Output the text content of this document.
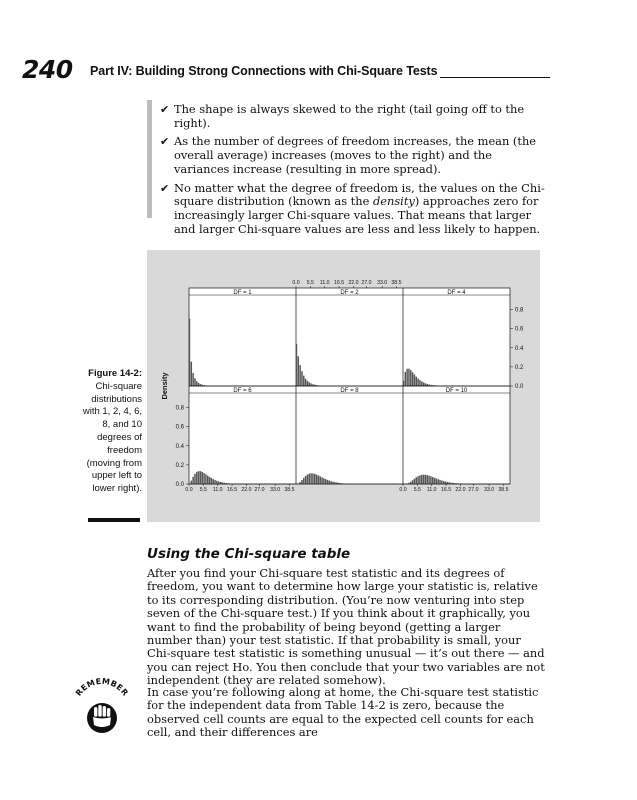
240 Part IV: Building Strong Connections with Chi-Square Tests
✔ The shape is always skewed to the right (tail going off to the right).
✔ As the number of degrees of freedom increases, the mean (the overall average) increases (moves to the right) and the variances increase (resulting in more spread).
✔ No matter what the degree of freedom is, the values on the Chi-square distribution (known as the density) approaches zero for increasingly larger Chi-square values. That means that larger and larger Chi-square values are less and less likely to happen.
DF = 1	DF = 2	DF = 4
DF = 6	DF = 8	DF = 10
0.0 5.5 11.0 16.5 22.0 27.0 33.0 38.5
0.0 5.5 11.0 16.5 22.0 27.0 33.0 38.5	0.0 5.5 11.0 16.5 22.0 27.0 33.0 38.5
0.0
0.0
0.2
0.2
0.4
0.4
0.6
0.6
0.8
0.8
Density
Figure 14-2: Chi-square distributions with 1, 2, 4, 6, 8, and 10 degrees of freedom (moving from upper left to lower right).
Using the Chi-square table
After you find your Chi-square test statistic and its degrees of freedom, you want to determine how large your statistic is, relative to its corresponding distribution. (You’re now venturing into step seven of the Chi-square test.) If you think about it graphically, you want to find the probability of being beyond (getting a larger number than) your test statistic. If that probability is small, your Chi-square test statistic is something unusual — it’s out there — and you can reject Ho. You then conclude that your two variables are not independent (they are related somehow).
REMEMBER In case you’re following along at home, the Chi-square test statistic for the independent data from Table 14-2 is zero, because the observed cell counts are equal to the expected cell counts for each cell, and their differences are
